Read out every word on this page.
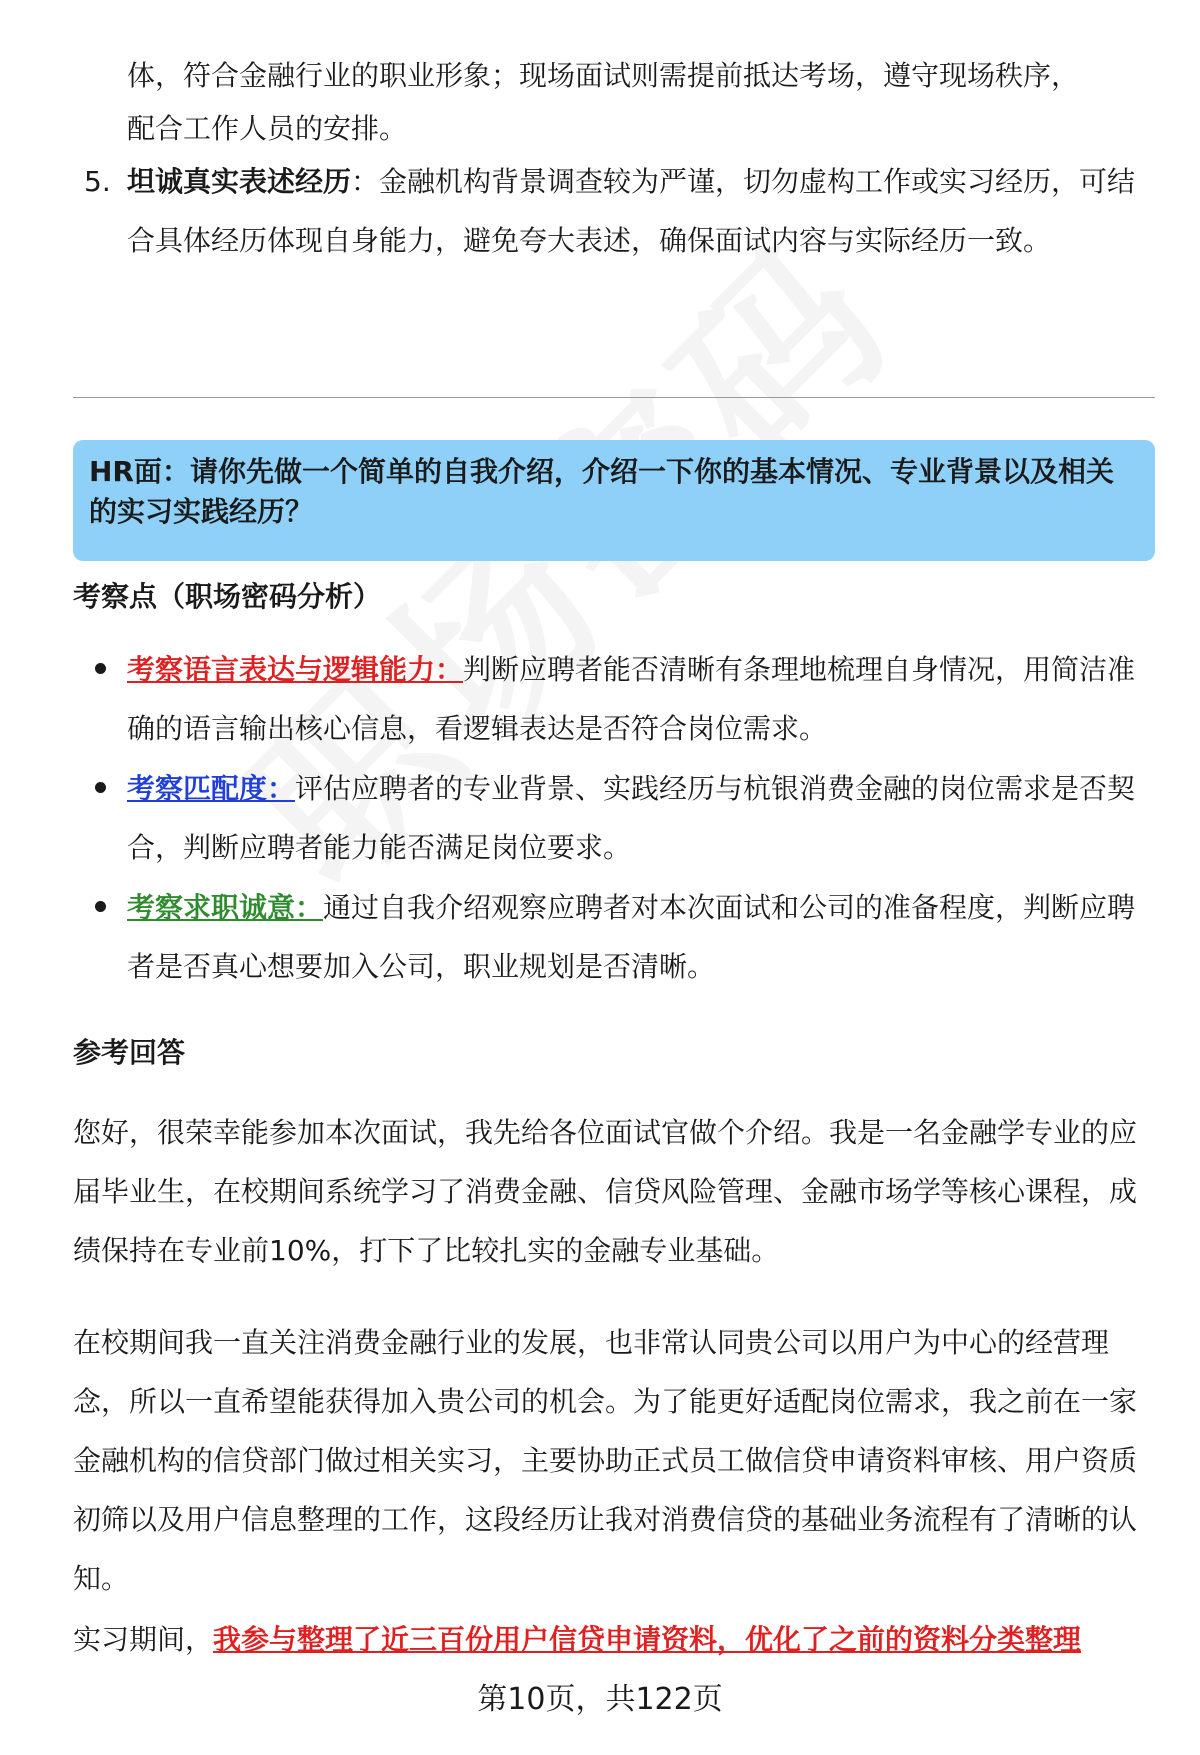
体，符合金融行业的职业形象；现场面试则需提前抵达考场，遵守现场秩序，
配合工作人员的安排。
5. 坦诚真实表述经历：金融机构背景调查较为严谨，切勿虚构工作或实习经历，可结合具体经历体现自身能力，避免夸大表述，确保面试内容与实际经历一致。
HR面：请你先做一个简单的自我介绍，介绍一下你的基本情况、专业背景以及相关的实习实践经历？
考察点（职场密码分析）
考察语言表达与逻辑能力：判断应聘者能否清晰有条理地梳理自身情况，用简洁准确的语言输出核心信息，看逻辑表达是否符合岗位需求。
考察匹配度：评估应聘者的专业背景、实践经历与杭银消费金融的岗位需求是否契合，判断应聘者能力能否满足岗位要求。
考察求职诚意：通过自我介绍观察应聘者对本次面试和公司的准备程度，判断应聘者是否真心想要加入公司，职业规划是否清晰。
参考回答
您好，很荣幸能参加本次面试，我先给各位面试官做个介绍。我是一名金融学专业的应届毕业生，在校期间系统学习了消费金融、信贷风险管理、金融市场学等核心课程，成绩保持在专业前10%，打下了比较扎实的金融专业基础。
在校期间我一直关注消费金融行业的发展，也非常认同贵公司以用户为中心的经营理念，所以一直希望能获得加入贵公司的机会。为了能更好适配岗位需求，我之前在一家金融机构的信贷部门做过相关实习，主要协助正式员工做信贷申请资料审核、用户资质初筛以及用户信息整理的工作，这段经历让我对消费信贷的基础业务流程有了清晰的认知。
实习期间，我参与整理了近三百份用户信贷申请资料，优化了之前的资料分类整理
第10页，共122页
